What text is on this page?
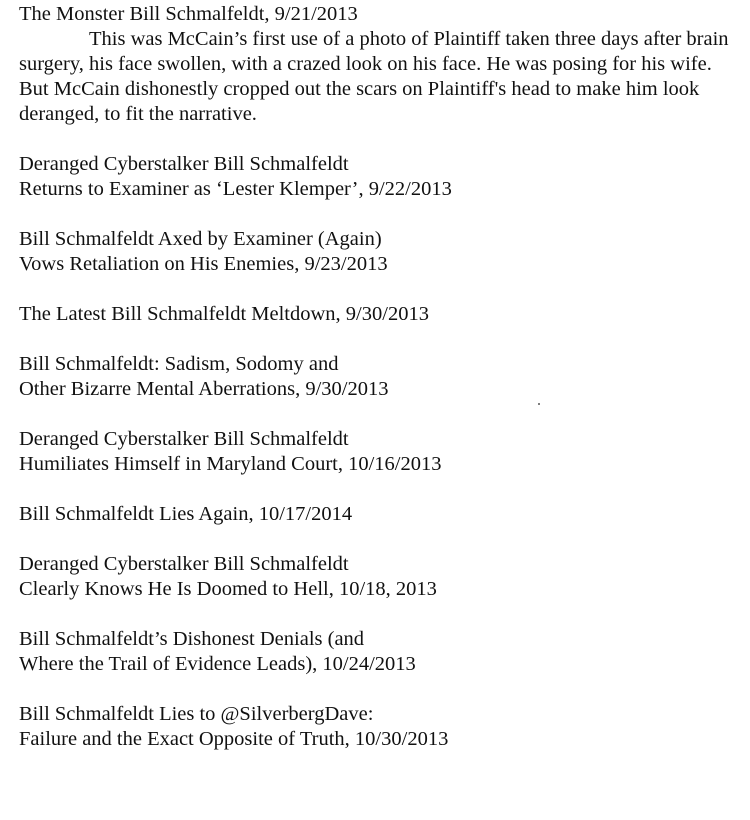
The Monster Bill Schmalfeldt, 9/21/2013

This was McCain’s first use of a photo of Plaintiff taken three days after brain surgery, his face swollen, with a crazed look on his face. He was posing for his wife. But McCain dishonestly cropped out the scars on Plaintiff's head to make him look deranged, to fit the narrative.

Deranged Cyberstalker Bill Schmalfeldt
Returns to Examiner as ‘Lester Klemper’, 9/22/2013
Bill Schmalfeldt Axed by Examiner (Again)
Vows Retaliation on His Enemies, 9/23/2013
The Latest Bill Schmalfeldt Meltdown, 9/30/2013
Bill Schmalfeldt: Sadism, Sodomy and
Other Bizarre Mental Aberrations, 9/30/2013
Deranged Cyberstalker Bill Schmalfeldt
Humiliates Himself in Maryland Court, 10/16/2013
Bill Schmalfeldt Lies Again, 10/17/2014
Deranged Cyberstalker Bill Schmalfeldt
Clearly Knows He Is Doomed to Hell, 10/18, 2013
Bill Schmalfeldt’s Dishonest Denials (and
Where the Trail of Evidence Leads), 10/24/2013
Bill Schmalfeldt Lies to @SilverbergDave:
Failure and the Exact Opposite of Truth, 10/30/2013
